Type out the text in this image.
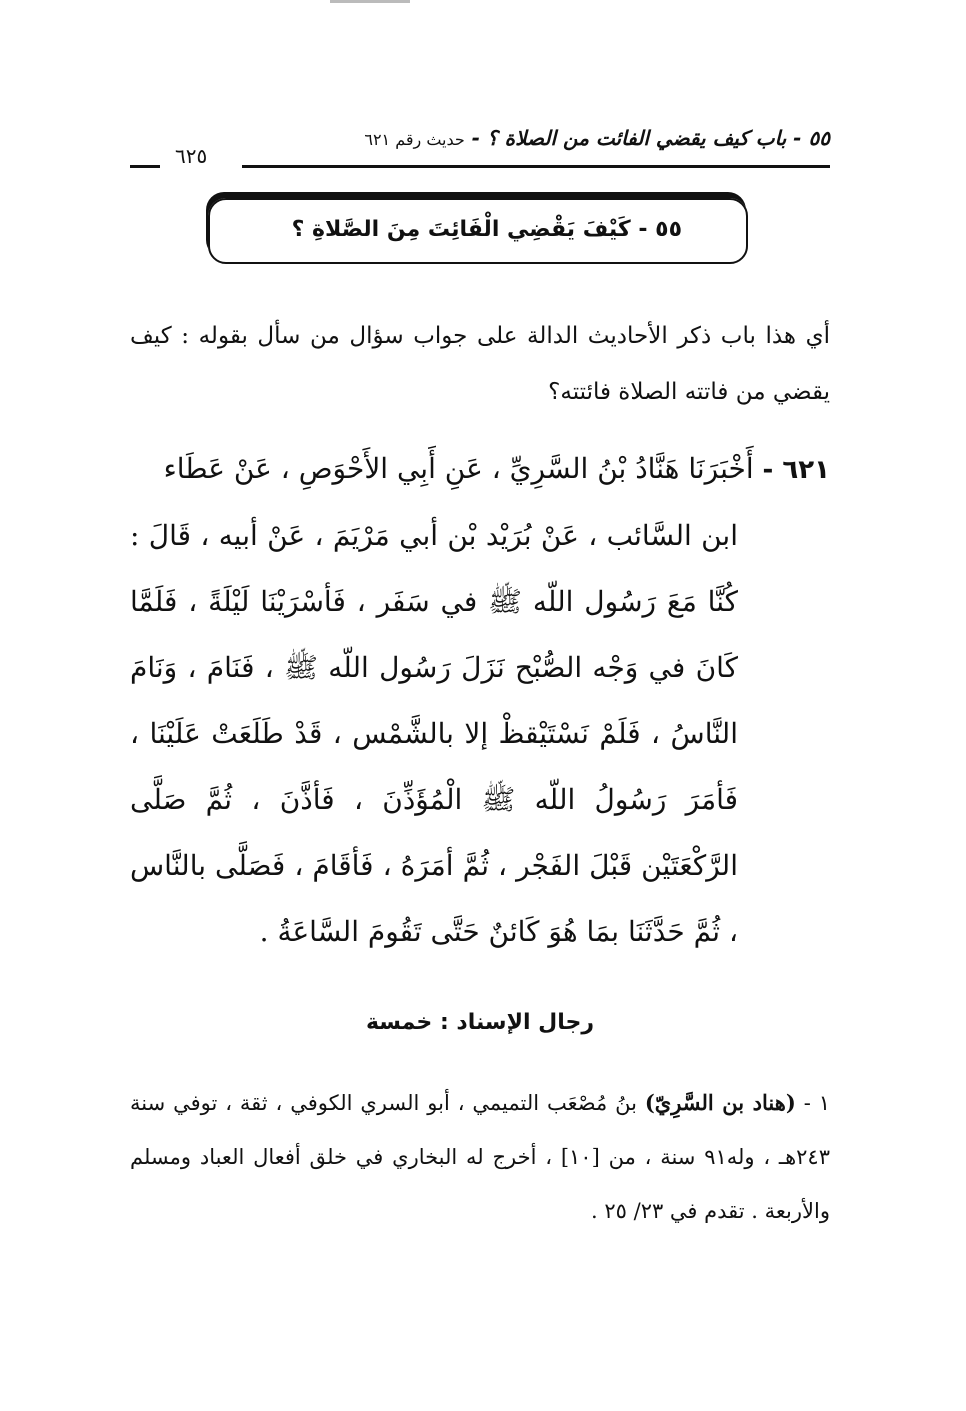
٥٥ - باب كيف يقضي الفائت من الصلاة ؟ - حديث رقم ٦٢١
٦٢٥
٥٥ - كَيْفَ يَقْضِي الْفَائِتَ مِنَ الصَّلاةِ ؟
أي هذا باب ذكر الأحاديث الدالة على جواب سؤال من سأل بقوله : كيف يقضي من فاتته الصلاة فائتته؟
٦٢١ - أَخْبَرَنَا هَنَّادُ بْنُ السَّرِيِّ ، عَنِ أَبِي الأَحْوَصِ ، عَنْ عَطَاء
ابن السَّائب ، عَنْ بُرَيْد بْن أبي مَرْيَمَ ، عَنْ أبيه ، قَالَ : كُنَّا مَعَ رَسُول اللّه ﷺ في سَفَر ، فَأسْرَيْنَا لَيْلَةً ، فَلَمَّا كَانَ في وَجْه الصُّبْح نَزَلَ رَسُول اللّه ﷺ ، فَنَامَ ، وَنَامَ النَّاسُ ، فَلَمْ نَسْتَيْقظْ إلا بالشَّمْس ، قَدْ طَلَعَتْ عَلَيْنَا ، فَأمَرَ رَسُولُ اللّه ﷺ الْمُؤَذِّنَ ، فَأذَّنَ ، ثُمَّ صَلَّى الرَّكْعَتَيْن قَبْلَ الفَجْر ، ثُمَّ أمَرَهُ ، فَأقَامَ ، فَصَلَّى بالنَّاس ، ثُمَّ حَدَّثَنَا بمَا هُوَ كَائنٌ حَتَّى تَقُومَ السَّاعَةُ .
رجال الإسناد : خمسة
١ - (هناد بن السَّرِيّ) بنُ مُصْعَب التميمي ، أبو السري الكوفي ، ثقة ، توفي سنة ٢٤٣هـ ، وله٩١ سنة ، من [١٠] ، أخرج له البخاري في خلق أفعال العباد ومسلم والأربعة . تقدم في ٢٣/ ٢٥ .
